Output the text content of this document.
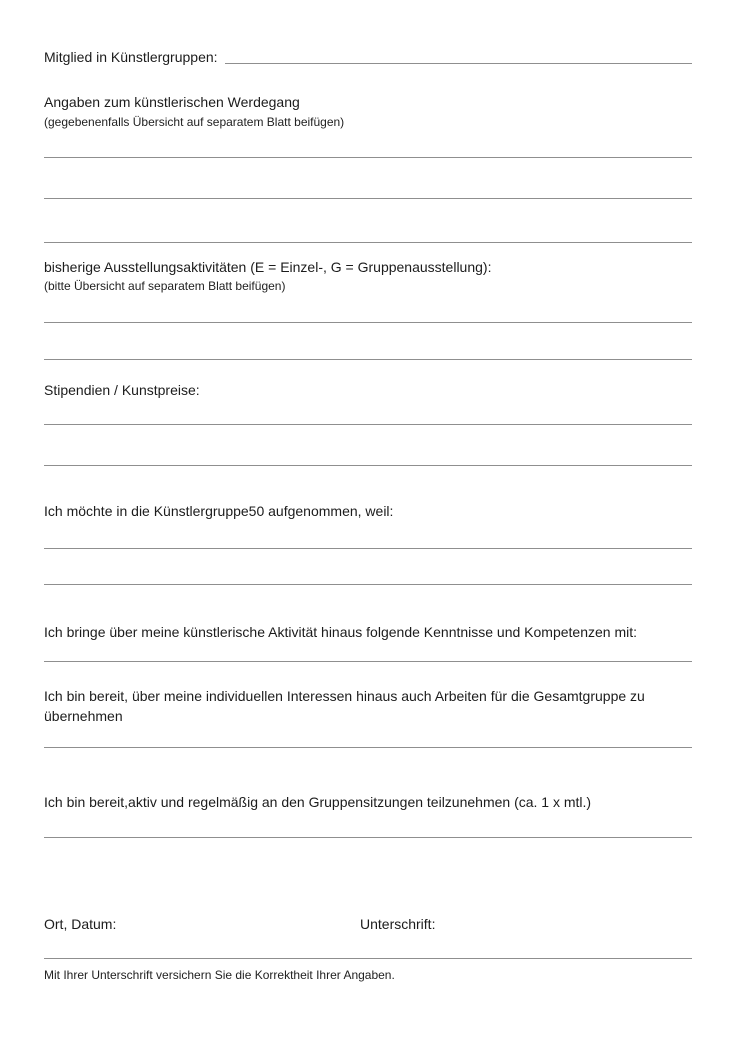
Mitglied in Künstlergruppen:
Angaben zum künstlerischen Werdegang
(gegebenenfalls Übersicht auf separatem Blatt beifügen)
bisherige Ausstellungsaktivitäten (E = Einzel-, G = Gruppenausstellung):
(bitte Übersicht auf separatem Blatt beifügen)
Stipendien / Kunstpreise:
Ich möchte in die Künstlergruppe50 aufgenommen, weil:
Ich bringe über meine künstlerische Aktivität hinaus folgende Kenntnisse und Kompetenzen mit:
Ich bin bereit, über meine individuellen Interessen hinaus auch Arbeiten für die Gesamtgruppe zu übernehmen
Ich bin bereit,aktiv und regelmäßig an den Gruppensitzungen teilzunehmen (ca. 1 x mtl.)
Ort, Datum:	Unterschrift:
Mit Ihrer Unterschrift versichern Sie die Korrektheit Ihrer Angaben.
